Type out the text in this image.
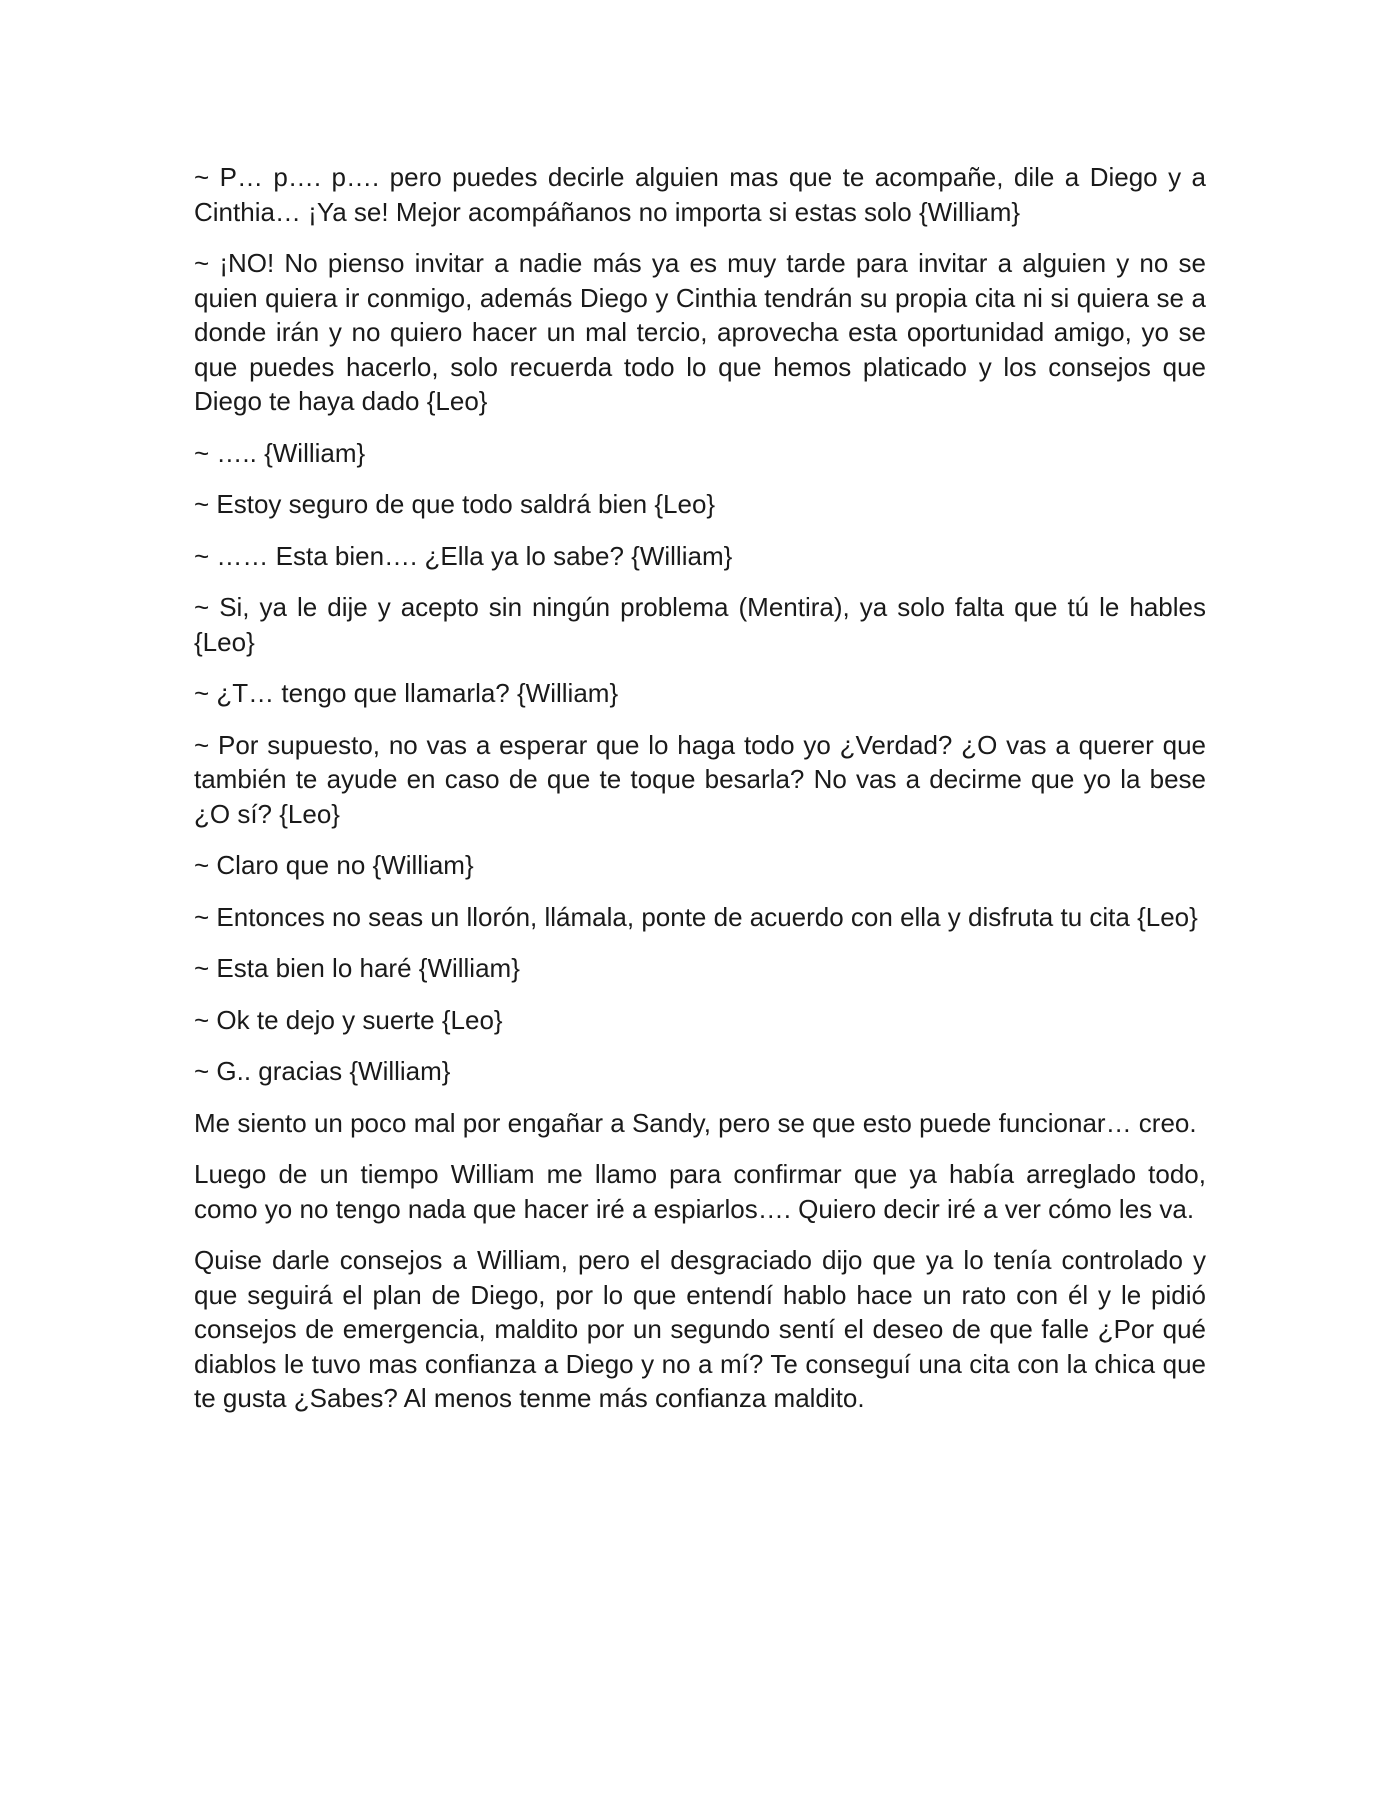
~ P… p…. p…. pero puedes decirle alguien mas que te acompañe, dile a Diego y a Cinthia… ¡Ya se! Mejor acompáñanos no importa si estas solo {William}

~ ¡NO! No pienso invitar a nadie más ya es muy tarde para invitar a alguien y no se quien quiera ir conmigo, además Diego y Cinthia tendrán su propia cita ni si quiera se a donde irán y no quiero hacer un mal tercio, aprovecha esta oportunidad amigo, yo se que puedes hacerlo, solo recuerda todo lo que hemos platicado y los consejos que Diego te haya dado {Leo}

~ ….. {William}

~ Estoy seguro de que todo saldrá bien {Leo}

~ …… Esta bien…. ¿Ella ya lo sabe? {William}

~ Si, ya le dije y acepto sin ningún problema (Mentira), ya solo falta que tú le hables {Leo}

~ ¿T… tengo que llamarla? {William}

~ Por supuesto, no vas a esperar que lo haga todo yo ¿Verdad? ¿O vas a querer que también te ayude en caso de que te toque besarla? No vas a decirme que yo la bese ¿O sí? {Leo}

~ Claro que no {William}

~ Entonces no seas un llorón, llámala, ponte de acuerdo con ella y disfruta tu cita {Leo}

~ Esta bien lo haré {William}

~ Ok te dejo y suerte {Leo}

~ G.. gracias {William}

Me siento un poco mal por engañar a Sandy, pero se que esto puede funcionar… creo.

Luego de un tiempo William me llamo para confirmar que ya había arreglado todo, como yo no tengo nada que hacer iré a espiarlos…. Quiero decir iré a ver cómo les va.

Quise darle consejos a William, pero el desgraciado dijo que ya lo tenía controlado y que seguirá el plan de Diego, por lo que entendí hablo hace un rato con él y le pidió consejos de emergencia, maldito por un segundo sentí el deseo de que falle ¿Por qué diablos le tuvo mas confianza a Diego y no a mí? Te conseguí una cita con la chica que te gusta ¿Sabes? Al menos tenme más confianza maldito.
